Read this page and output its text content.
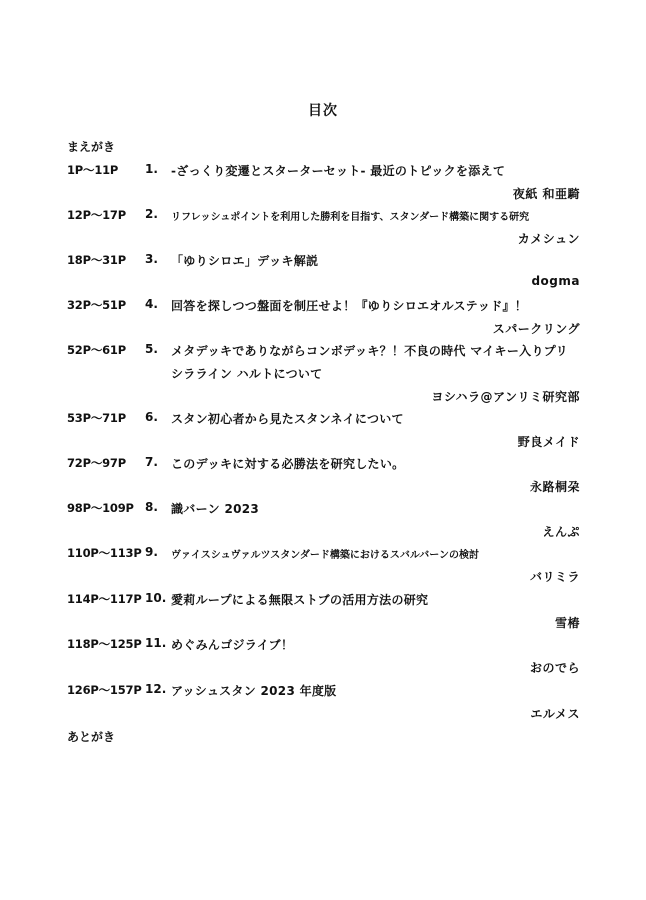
目次
まえがき
1P～11P 1.	-ざっくり変遷とスターターセット- 最近のトピックを添えて
夜紙 和亜騎
12P～17P 2.	リフレッシュポイントを利用した勝利を目指す、スタンダード構築に関する研究
カメシュン
18P～31P 3.	「ゆりシロエ」デッキ解説
dogma
32P～51P 4.	回答を探しつつ盤面を制圧せよ！『ゆりシロエオルステッド』！
スパークリング
52P～61P 5.	メタデッキでありながらコンボデッキ？！不良の時代 マイキー入りプリ
シラライン ハルトについて
ヨシハラ@アンリミ研究部
53P～71P 6.	スタン初心者から見たスタンネイについて
野良メイド
72P～97P 7.	このデッキに対する必勝法を研究したい。
永路桐朶
98P～109P 8.	識バーン 2023
えんぷ
110P～113P 9.	ヴァイスシュヴァルツスタンダード構築におけるスバルバーンの検討
バリミラ
114P～117P 10. 愛莉ループによる無限ストブの活用方法の研究
雪椿
118P～125P 11. めぐみんゴジライブ！
おのでら
126P～157P 12. アッシュスタン 2023 年度版
エルメス
あとがき
